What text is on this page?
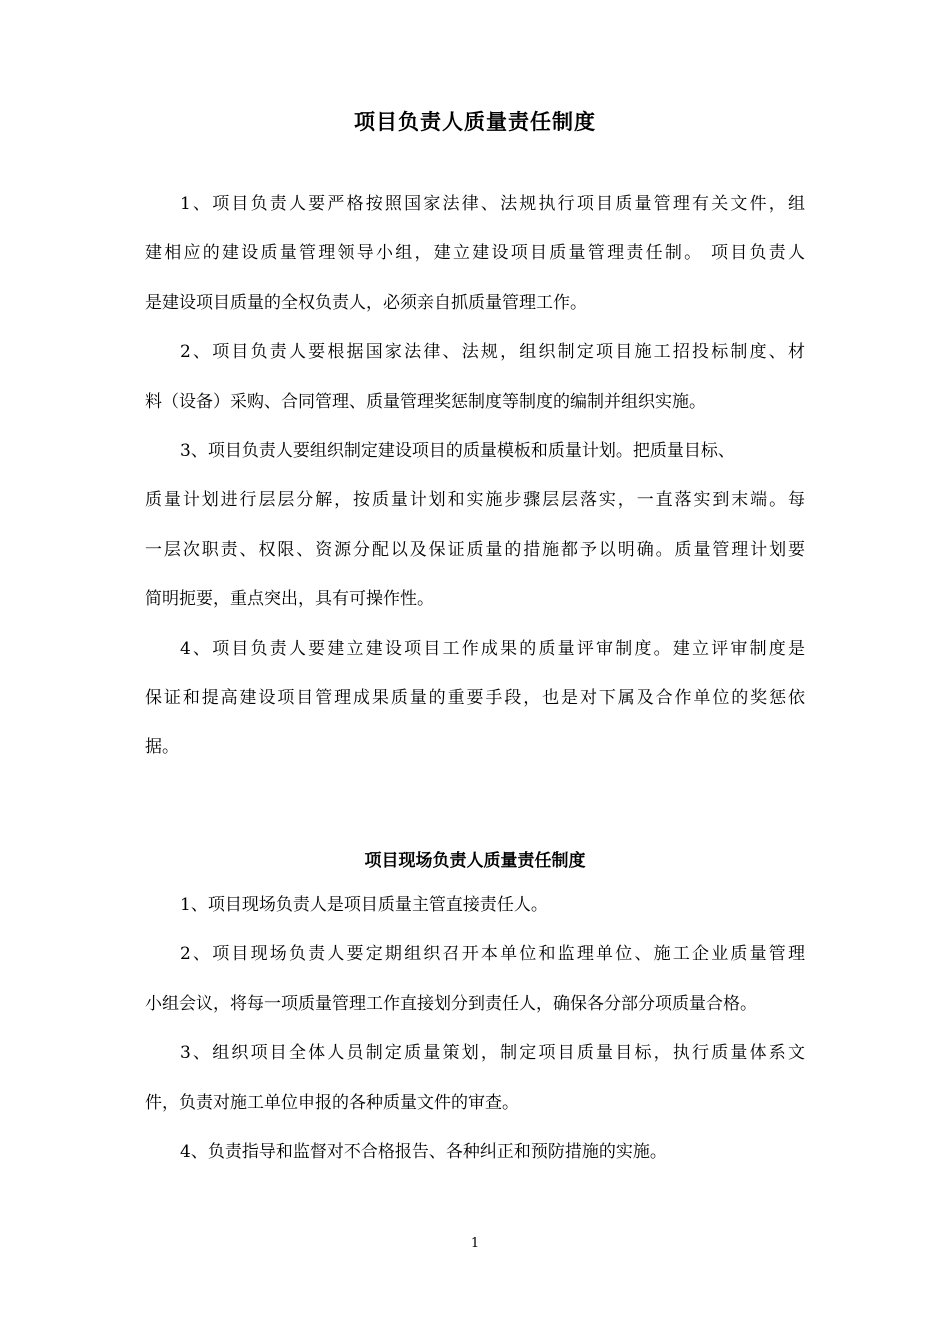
项目负责人质量责任制度
1、项目负责人要严格按照国家法律、法规执行项目质量管理有关文件，组
建相应的建设质量管理领导小组，建立建设项目质量管理责任制。 项目负责人
是建设项目质量的全权负责人，必须亲自抓质量管理工作。
2、项目负责人要根据国家法律、法规，组织制定项目施工招投标制度、材
料（设备）采购、合同管理、质量管理奖惩制度等制度的编制并组织实施。
3、项目负责人要组织制定建设项目的质量模板和质量计划。把质量目标、
质量计划进行层层分解，按质量计划和实施步骤层层落实，一直落实到末端。每
一层次职责、权限、资源分配以及保证质量的措施都予以明确。质量管理计划要
简明扼要，重点突出，具有可操作性。
4、项目负责人要建立建设项目工作成果的质量评审制度。建立评审制度是
保证和提高建设项目管理成果质量的重要手段，也是对下属及合作单位的奖惩依
据。
项目现场负责人质量责任制度
1、项目现场负责人是项目质量主管直接责任人。
2、项目现场负责人要定期组织召开本单位和监理单位、施工企业质量管理
小组会议，将每一项质量管理工作直接划分到责任人，确保各分部分项质量合格。
3、组织项目全体人员制定质量策划，制定项目质量目标，执行质量体系文
件，负责对施工单位申报的各种质量文件的审查。
4、负责指导和监督对不合格报告、各种纠正和预防措施的实施。
1
